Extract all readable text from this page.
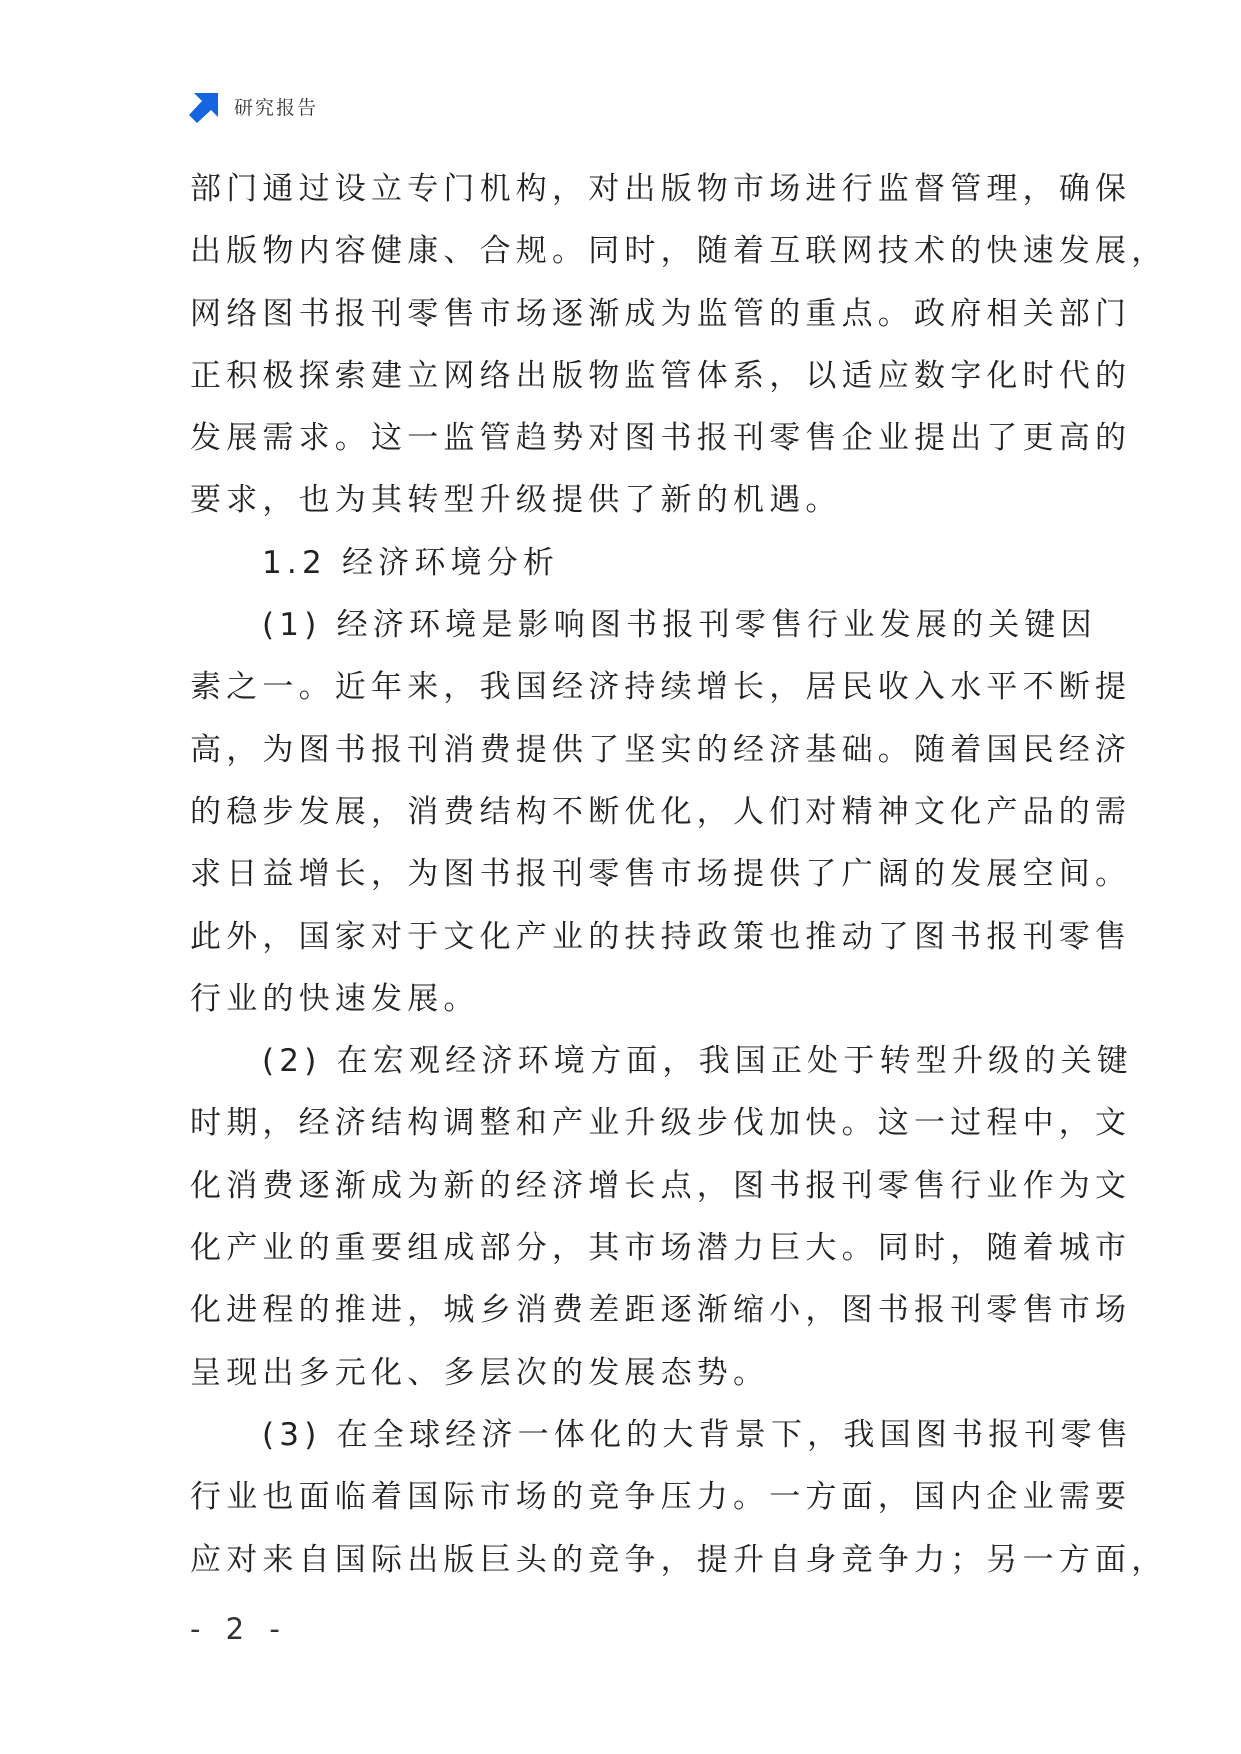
研究报告
部门通过设立专门机构，对出版物市场进行监督管理，确保
出版物内容健康、合规。同时，随着互联网技术的快速发展，
网络图书报刊零售市场逐渐成为监管的重点。政府相关部门
正积极探索建立网络出版物监管体系，以适应数字化时代的
发展需求。这一监管趋势对图书报刊零售企业提出了更高的
要求，也为其转型升级提供了新的机遇。
1.2 经济环境分析
(1) 经济环境是影响图书报刊零售行业发展的关键因
素之一。近年来，我国经济持续增长，居民收入水平不断提
高，为图书报刊消费提供了坚实的经济基础。随着国民经济
的稳步发展，消费结构不断优化，人们对精神文化产品的需
求日益增长，为图书报刊零售市场提供了广阔的发展空间。
此外，国家对于文化产业的扶持政策也推动了图书报刊零售
行业的快速发展。
(2) 在宏观经济环境方面，我国正处于转型升级的关键
时期，经济结构调整和产业升级步伐加快。这一过程中，文
化消费逐渐成为新的经济增长点，图书报刊零售行业作为文
化产业的重要组成部分，其市场潜力巨大。同时，随着城市
化进程的推进，城乡消费差距逐渐缩小，图书报刊零售市场
呈现出多元化、多层次的发展态势。
(3) 在全球经济一体化的大背景下，我国图书报刊零售
行业也面临着国际市场的竞争压力。一方面，国内企业需要
应对来自国际出版巨头的竞争，提升自身竞争力；另一方面，
- 2 -
